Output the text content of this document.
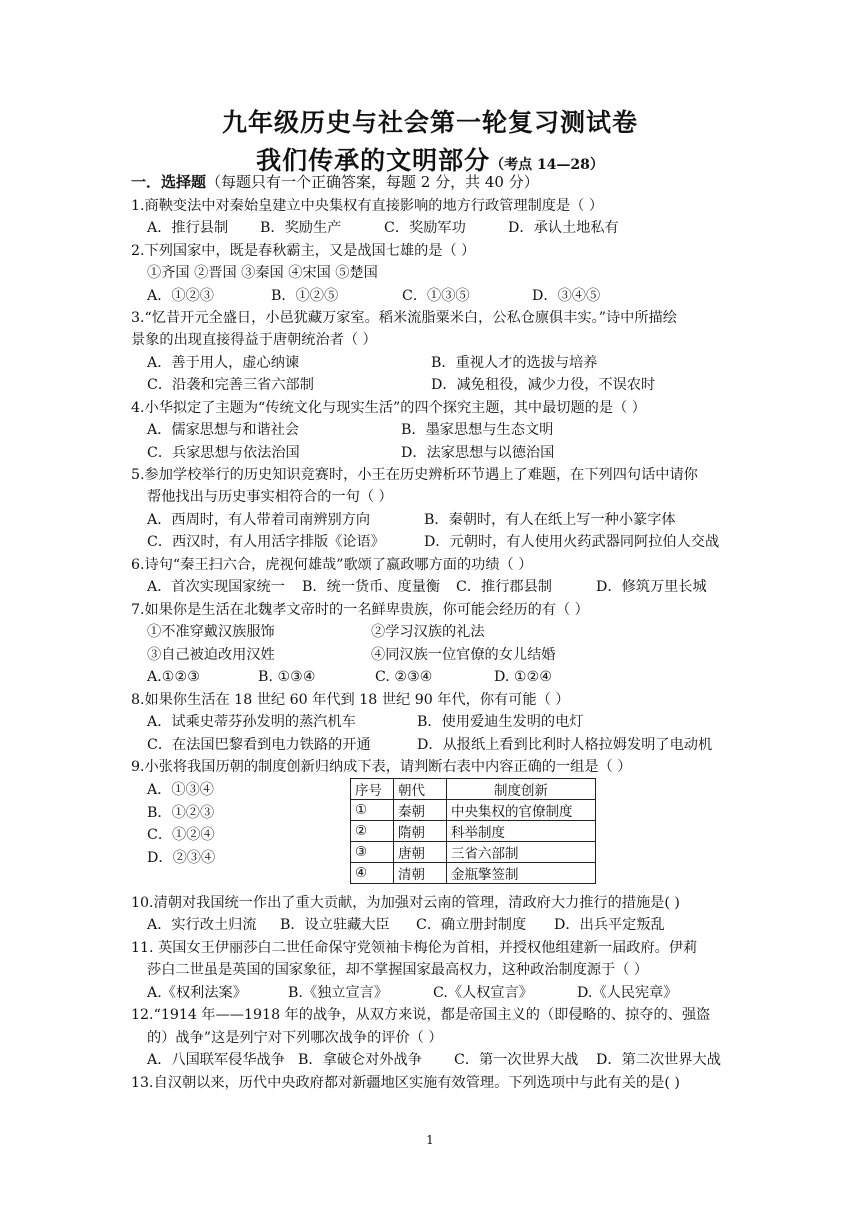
九年级历史与社会第一轮复习测试卷
我们传承的文明部分（考点 14—28）
一．选择题（每题只有一个正确答案，每题 2 分，共 40 分）
1.商鞅变法中对秦始皇建立中央集权有直接影响的地方行政管理制度是（ ）
A．推行县制 B．奖励生产	C．奖励军功	D．承认土地私有
2.下列国家中，既是春秋霸主，又是战国七雄的是（ ）
①齐国 ②晋国 ③秦国 ④宋国 ⑤楚国
A．①②③	B．①②⑤	C．①③⑤	D．③④⑤
3.“忆昔开元全盛日，小邑犹藏万家室。稻米流脂粟米白，公私仓廪俱丰实。”诗中所描绘
景象的出现直接得益于唐朝统治者（ ）
A．善于用人，虚心纳谏	B．重视人才的选拔与培养
C．沿袭和完善三省六部制	D．减免租役，减少力役，不误农时
4.小华拟定了主题为“传统文化与现实生活”的四个探究主题，其中最切题的是（ ）
A．儒家思想与和谐社会	B．墨家思想与生态文明
C．兵家思想与依法治国	D．法家思想与以德治国
5.参加学校举行的历史知识竞赛时，小王在历史辨析环节遇上了难题，在下列四句话中请你
帮他找出与历史事实相符合的一句（ ）
A．西周时，有人带着司南辨别方向	B．秦朝时，有人在纸上写一种小篆字体
C．西汉时，有人用活字排版《论语》	D．元朝时，有人使用火药武器同阿拉伯人交战
6.诗句“秦王扫六合，虎视何雄哉”歌颂了嬴政哪方面的功绩（ ）
A．首次实现国家统一 B．统一货币、度量衡 C．推行郡县制	D．修筑万里长城
7.如果你是生活在北魏孝文帝时的一名鲜卑贵族，你可能会经历的有（ ）
①不准穿戴汉族服饰	②学习汉族的礼法
③自己被迫改用汉姓	④同汉族一位官僚的女儿结婚
A.①②③	B. ①③④	C. ②③④	D. ①②④
8.如果你生活在 18 世纪 60 年代到 18 世纪 90 年代，你有可能（ ）
A．试乘史蒂芬孙发明的蒸汽机车	B．使用爱迪生发明的电灯
C．在法国巴黎看到电力铁路的开通	D．从报纸上看到比利时人格拉姆发明了电动机
9.小张将我国历朝的制度创新归纳成下表，请判断右表中内容正确的一组是（ ）
A．①③④
B．①②③
C．①②④
D．②③④
序号	朝代	制度创新
①	秦朝	中央集权的官僚制度
②	隋朝	科举制度
③	唐朝	三省六部制
④	清朝	金瓶擎签制
10.清朝对我国统一作出了重大贡献，为加强对云南的管理，清政府大力推行的措施是( )
A．实行改土归流 B．设立驻藏大臣 C．确立册封制度 D．出兵平定叛乱
11. 英国女王伊丽莎白二世任命保守党领袖卡梅伦为首相，并授权他组建新一届政府。伊莉
莎白二世虽是英国的国家象征，却不掌握国家最高权力，这种政治制度源于（ ）
A.《权利法案》	B.《独立宣言》	C.《人权宣言》	D.《人民宪章》
12.“1914 年——1918 年的战争，从双方来说，都是帝国主义的（即侵略的、掠夺的、强盗
的）战争”这是列宁对下列哪次战争的评价（ ）
A．八国联军侵华战争 B．拿破仑对外战争 C．第一次世界大战 D．第二次世界大战
13.自汉朝以来，历代中央政府都对新疆地区实施有效管理。下列选项中与此有关的是( )
1
